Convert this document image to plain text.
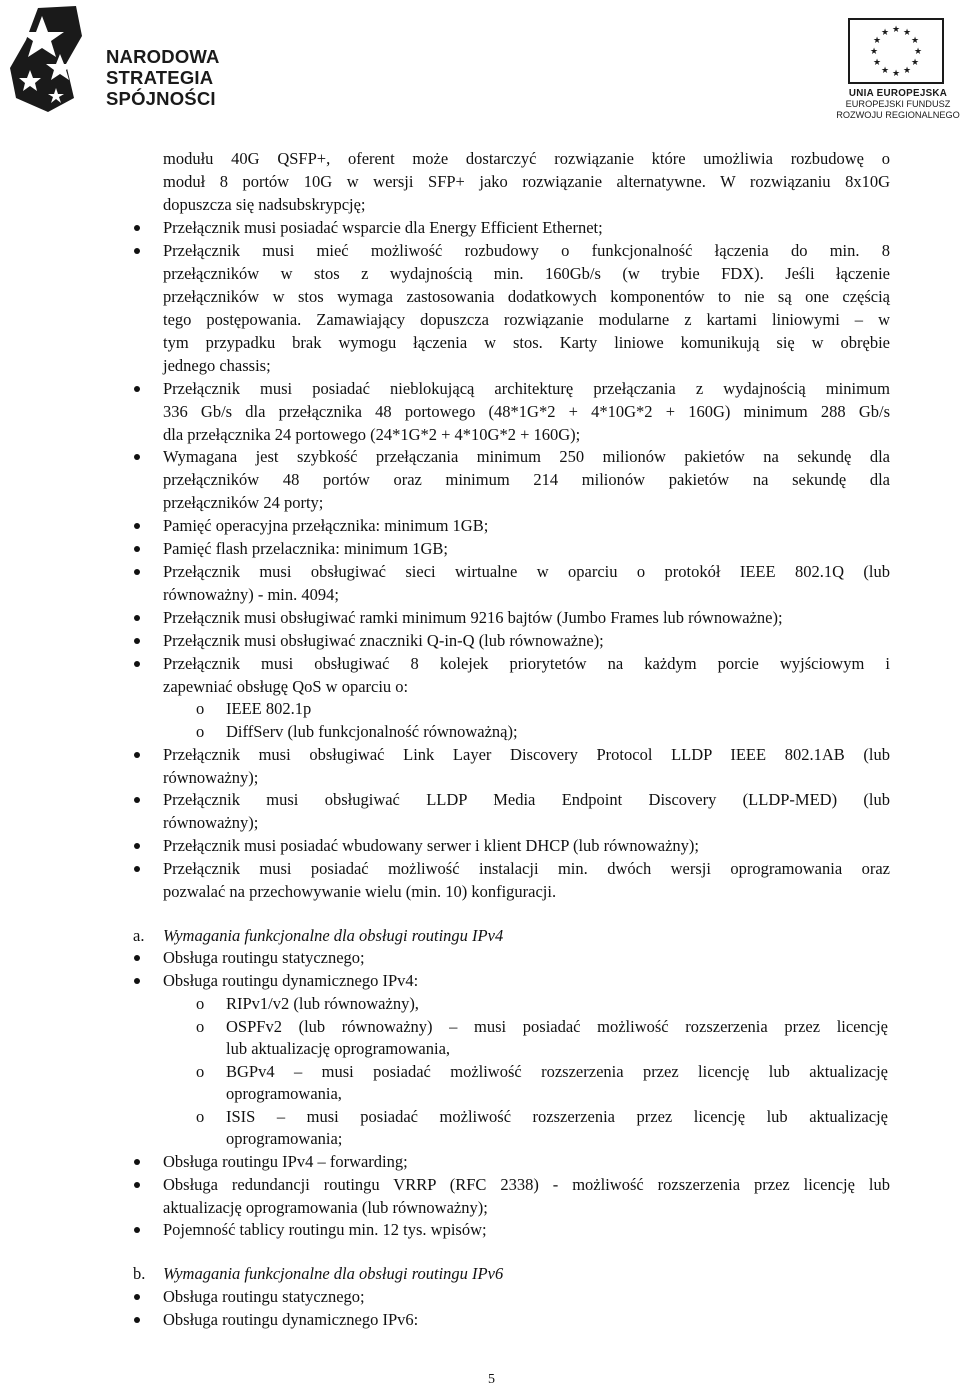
NARODOWA
STRATEGIA SPÓJNOŚCI
★ ★
★
★
★
★
★
★
★
★
★
★
UNIA EUROPEJSKA
EUROPEJSKI FUNDUSZ
ROZWOJU REGIONALNEGO
modułu 40G QSFP+, oferent może dostarczyć rozwiązanie które umożliwia rozbudowę o
moduł 8 portów 10G w wersji SFP+ jako rozwiązanie alternatywne. W rozwiązaniu 8x10G
dopuszcza się nadsubskrypcję;
Przełącznik musi posiadać wsparcie dla Energy Efficient Ethernet;
Przełącznik musi mieć możliwość rozbudowy o funkcjonalność łączenia do min. 8
przełączników w stos z wydajnością min. 160Gb/s (w trybie FDX). Jeśli łączenie
przełączników w stos wymaga zastosowania dodatkowych komponentów to nie są one częścią
tego postępowania. Zamawiający dopuszcza rozwiązanie modularne z kartami liniowymi – w
tym przypadku brak wymogu łączenia w stos. Karty liniowe komunikują się w obrębie
jednego chassis;
Przełącznik musi posiadać nieblokującą architekturę przełączania z wydajnością minimum
336 Gb/s dla przełącznika 48 portowego (48*1G*2 + 4*10G*2 + 160G) minimum 288 Gb/s
dla przełącznika 24 portowego (24*1G*2 + 4*10G*2 + 160G);
Wymagana jest szybkość przełączania minimum 250 milionów pakietów na sekundę dla
przełączników 48 portów oraz minimum 214 milionów pakietów na sekundę dla
przełączników 24 porty;
Pamięć operacyjna przełącznika: minimum 1GB;
Pamięć flash przelacznika: minimum 1GB;
Przełącznik musi obsługiwać sieci wirtualne w oparciu o protokół IEEE 802.1Q (lub
równoważny) - min. 4094;
Przełącznik musi obsługiwać ramki minimum 9216 bajtów (Jumbo Frames lub równoważne);
Przełącznik musi obsługiwać znaczniki Q-in-Q (lub równoważne);
Przełącznik musi obsługiwać 8 kolejek priorytetów na każdym porcie wyjściowym i
zapewniać obsługę QoS w oparciu o:
o IEEE 802.1p
o DiffServ (lub funkcjonalność równoważną);
Przełącznik musi obsługiwać Link Layer Discovery Protocol LLDP IEEE 802.1AB (lub
równoważny);
Przełącznik musi obsługiwać LLDP Media Endpoint Discovery (LLDP-MED) (lub
równoważny);
Przełącznik musi posiadać wbudowany serwer i klient DHCP (lub równoważny);
Przełącznik musi posiadać możliwość instalacji min. dwóch wersji oprogramowania oraz
pozwalać na przechowywanie wielu (min. 10) konfiguracji.
a. Wymagania funkcjonalne dla obsługi routingu IPv4
Obsługa routingu statycznego;
Obsługa routingu dynamicznego IPv4:
o RIPv1/v2 (lub równoważny),
o OSPFv2 (lub równoważny) – musi posiadać możliwość rozszerzenia przez licencję
lub aktualizację oprogramowania,
o BGPv4 – musi posiadać możliwość rozszerzenia przez licencję lub aktualizację
oprogramowania,
o ISIS – musi posiadać możliwość rozszerzenia przez licencję lub aktualizację
oprogramowania;
Obsługa routingu IPv4 – forwarding;
Obsługa redundancji routingu VRRP (RFC 2338) - możliwość rozszerzenia przez licencję lub
aktualizację oprogramowania (lub równoważny);
Pojemność tablicy routingu min. 12 tys. wpisów;
b. Wymagania funkcjonalne dla obsługi routingu IPv6
Obsługa routingu statycznego;
Obsługa routingu dynamicznego IPv6:
5
